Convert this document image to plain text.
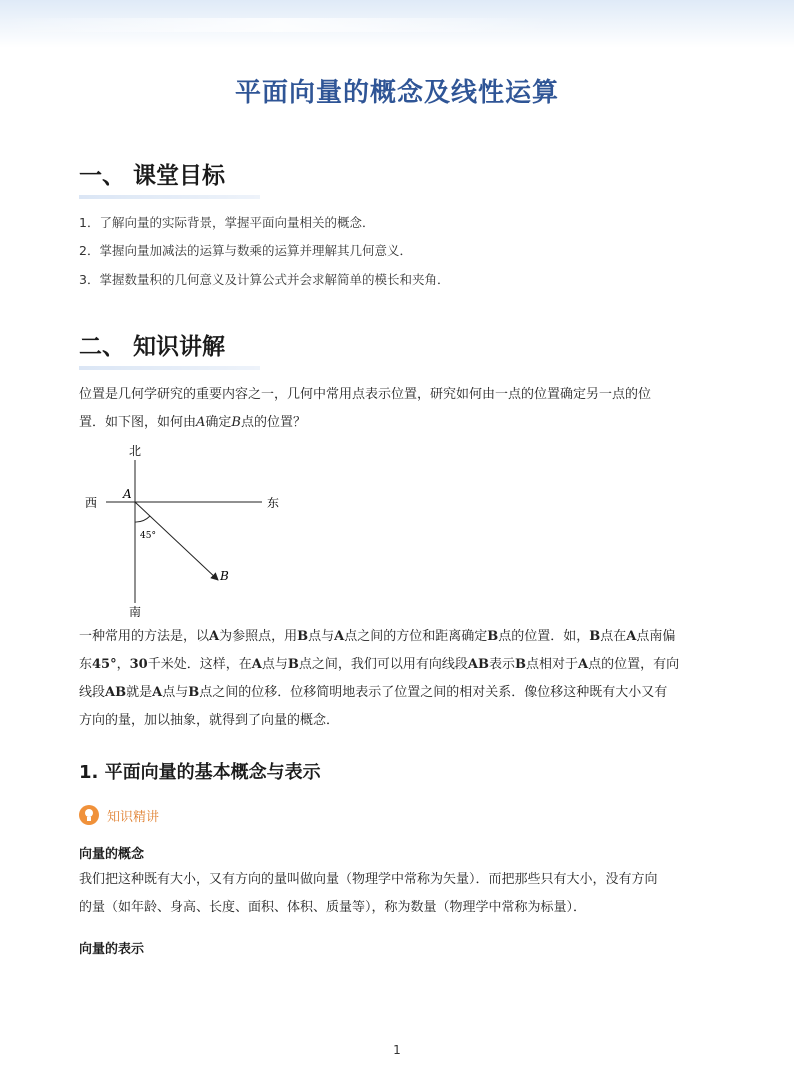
平面向量的概念及线性运算
一、 课堂目标
1．了解向量的实际背景，掌握平面向量相关的概念．
2．掌握向量加减法的运算与数乘的运算并理解其几何意义．
3．掌握数量积的几何意义及计算公式并会求解简单的模长和夹角．
二、 知识讲解
位置是几何学研究的重要内容之一，几何中常用点表示位置，研究如何由一点的位置确定另一点的位
置．如下图，如何由A确定B点的位置？
北
南
西	东
A
B
45°
一种常用的方法是，以A为参照点，用B点与A点之间的方位和距离确定B点的位置．如，B点在A点南偏
东45°，30千米处．这样，在A点与B点之间，我们可以用有向线段AB表示B点相对于A点的位置，有向
线段AB就是A点与B点之间的位移．位移简明地表示了位置之间的相对关系．像位移这种既有大小又有
方向的量，加以抽象，就得到了向量的概念．
1. 平面向量的基本概念与表示
知识精讲
向量的概念
我们把这种既有大小，又有方向的量叫做向量（物理学中常称为矢量）．而把那些只有大小，没有方向
的量（如年龄、身高、长度、面积、体积、质量等），称为数量（物理学中常称为标量）．
向量的表示
1
